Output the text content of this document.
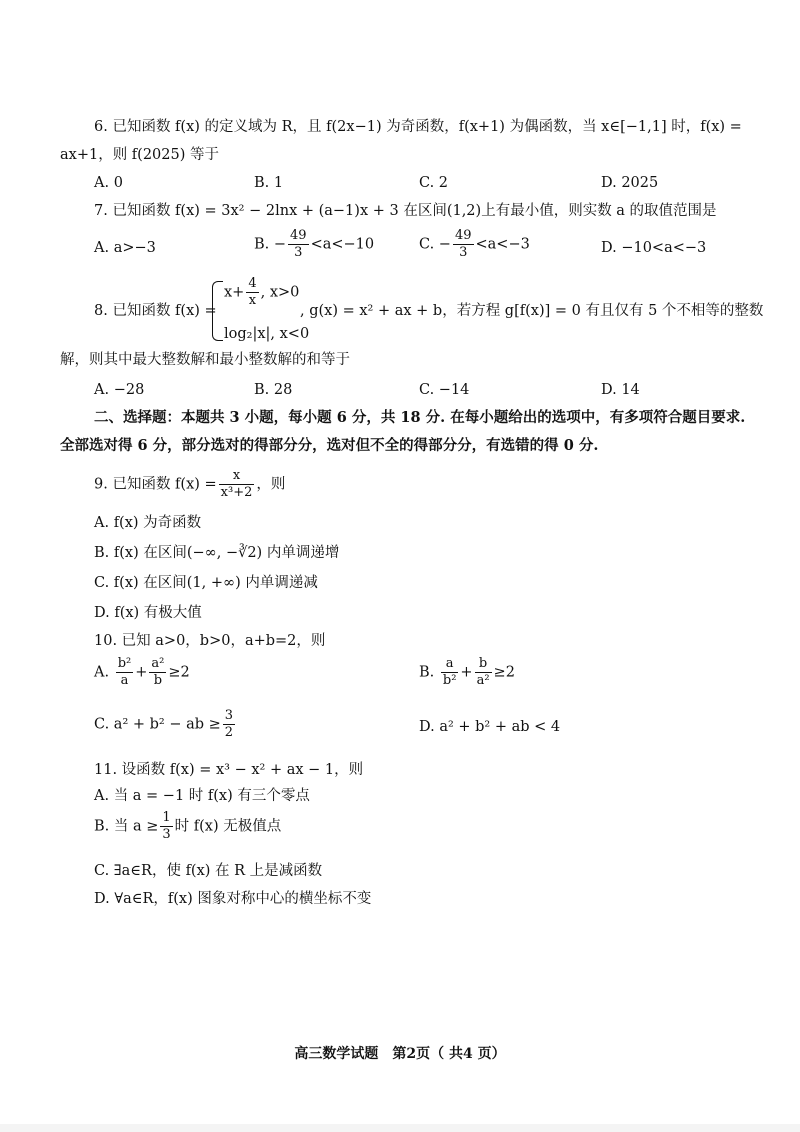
6. 已知函数 f(x) 的定义域为 R，且 f(2x−1) 为奇函数，f(x+1) 为偶函数，当 x∈[−1,1] 时，f(x) =
ax+1，则 f(2025) 等于
A. 0	B. 1	C. 2	D. 2025
7. 已知函数 f(x) = 3x² − 2lnx + (a−1)x + 3 在区间(1,2)上有最小值，则实数 a 的取值范围是
A. a>−3	B. − $\frac{49}{3} <a<-10$	C. − $\frac{49}{3} <a<-3$	D. −10<a<−3
8. 已知函数 f(x) =
$x+ \frac{4}{x}$ , x>0
log₂|x|, x<0
, g(x) = x² + ax + b，若方程 g[f(x)] = 0 有且仅有 5 个不相等的整数
解，则其中最大整数解和最小整数解的和等于
A. −28	B. 28	C. −14	D. 14
二、选择题：本题共 3 小题，每小题 6 分，共 18 分. 在每小题给出的选项中，有多项符合题目要求.
全部选对得 6 分，部分选对的得部分分，选对但不全的得部分分，有选错的得 0 分.
9. 已知函数 $f(x) = \frac{x}{\text{x³+2}}$ ，则
A. f(x) 为奇函数
B. f(x) 在区间(−∞, −∛2) 内单调递增
C. f(x) 在区间(1, +∞) 内单调递减
D. f(x) 有极大值
10. 已知 a>0，b>0，a+b=2，则
A. $\frac{\text{b²}}{a} + \frac{\text{a²}}{b} \ge 2$	B. $\frac{a}{\text{b²}} + \frac{b}{\text{a²}} \ge 2$
C. a² + b² − ab ≥ $\frac{3}{2}$	D. a² + b² + ab < 4
11. 设函数 f(x) = x³ − x² + ax − 1，则
A. 当 a = −1 时 f(x) 有三个零点
B. 当 $a \ge \frac{1}{3}$ 时 f(x) 无极值点
C. ∃a∈R，使 f(x) 在 R 上是减函数
D. ∀a∈R，f(x) 图象对称中心的横坐标不变
高三数学试题　第2页（ 共4 页）
